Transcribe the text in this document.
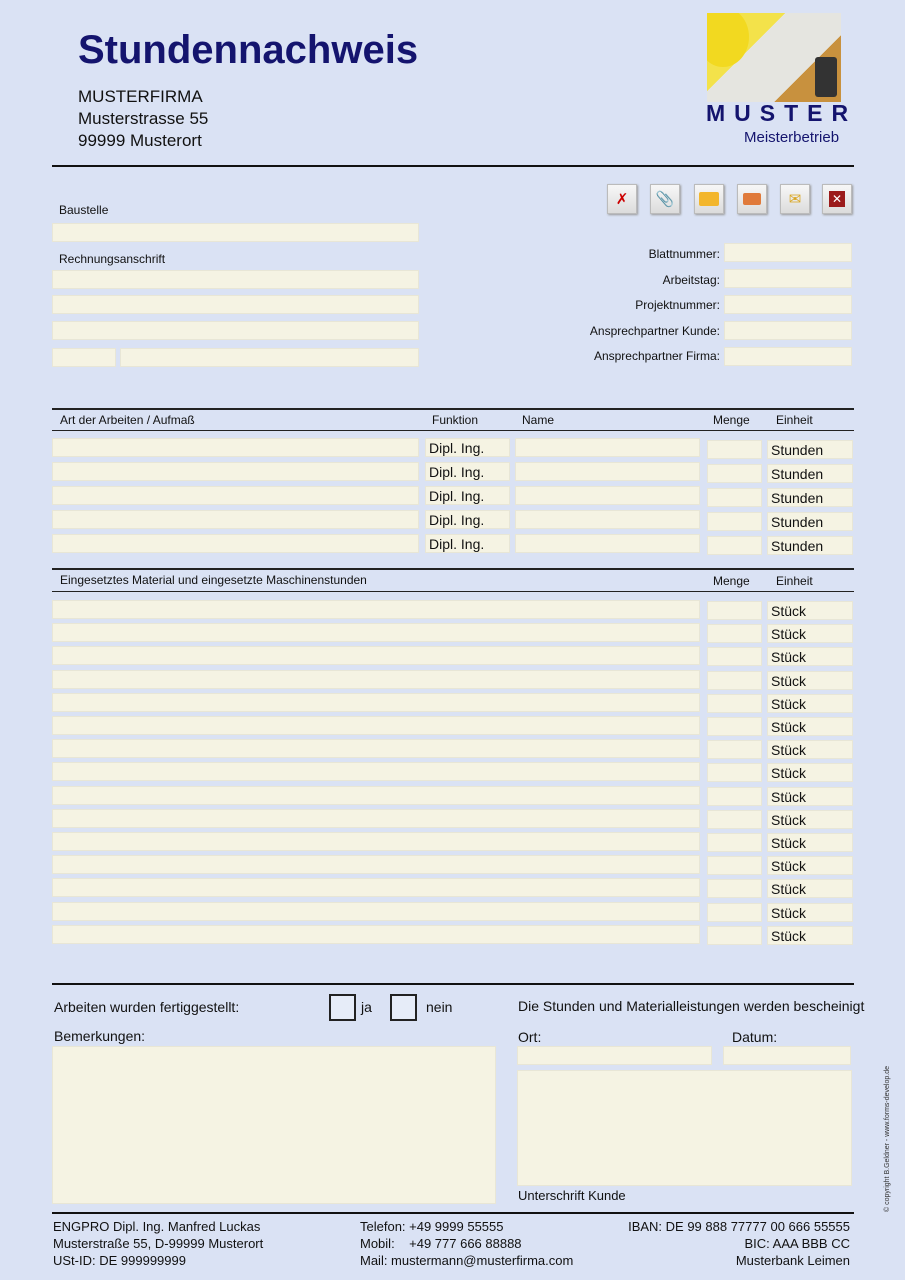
Stundennachweis
MUSTERFIRMA
Musterstrasse 55
99999 Musterort
MUSTER
Meisterbetrieb
✗ 📎	✉	✕
Baustelle
Rechnungsanschrift	Blattnummer:
Arbeitstag:
Projektnummer:
Ansprechpartner Kunde:
Ansprechpartner Firma:
Art der Arbeiten / Aufmaß	Funktion	Name	Menge Einheit
Dipl. Ing.	Stunden
Dipl. Ing.	Stunden
Dipl. Ing.	Stunden
Dipl. Ing.	Stunden
Dipl. Ing.	Stunden
Eingesetztes Material und eingesetzte Maschinenstunden	Menge Einheit
Stück
Stück
Stück
Stück
Stück
Stück
Stück
Stück
Stück
Stück
Stück
Stück
Stück
Stück
Stück
Arbeiten wurden fertiggestellt:	ja	nein	Die Stunden und Materialleistungen werden bescheinigt
Bemerkungen:	Ort:	Datum:
Unterschrift Kunde
ENGPRO Dipl. Ing. Manfred Luckas
Musterstraße 55, D-99999 Musterort
USt-ID: DE 999999999
Telefon: +49 9999 55555
Mobil:    +49 777 666 88888
Mail: mustermann@musterfirma.com
IBAN: DE 99 888 77777 00 666 55555
BIC: AAA BBB CC
Musterbank Leimen
© copyright B.Geldner - www.forms-develop.de
